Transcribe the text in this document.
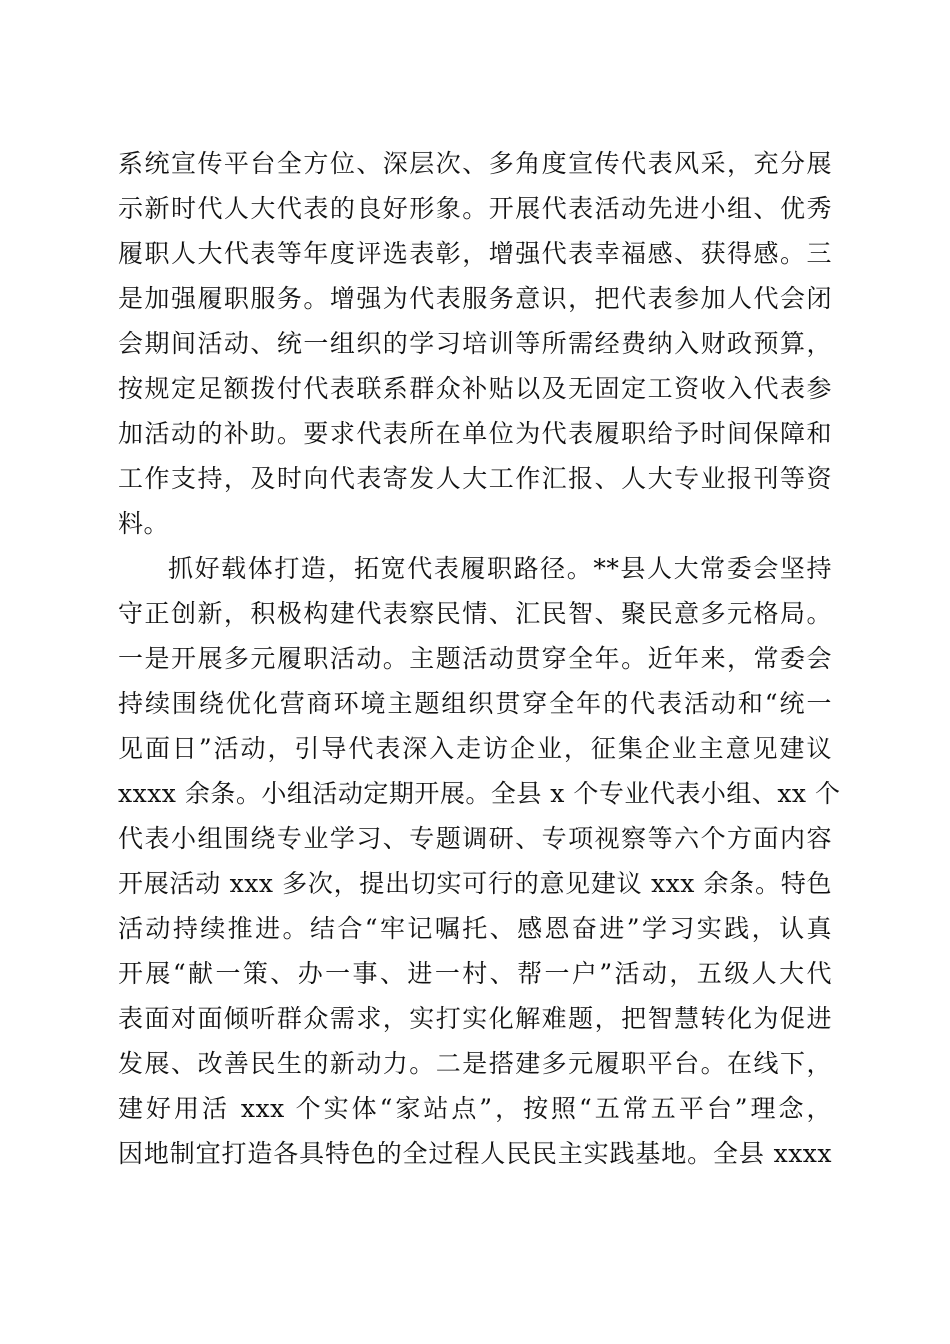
系统宣传平台全方位、深层次、多角度宣传代表风采，充分展
示新时代人大代表的良好形象。开展代表活动先进小组、优秀
履职人大代表等年度评选表彰，增强代表幸福感、获得感。三
是加强履职服务。增强为代表服务意识，把代表参加人代会闭
会期间活动、统一组织的学习培训等所需经费纳入财政预算，
按规定足额拨付代表联系群众补贴以及无固定工资收入代表参
加活动的补助。要求代表所在单位为代表履职给予时间保障和
工作支持，及时向代表寄发人大工作汇报、人大专业报刊等资
料。
抓好载体打造，拓宽代表履职路径。**县人大常委会坚持
守正创新，积极构建代表察民情、汇民智、聚民意多元格局。
一是开展多元履职活动。主题活动贯穿全年。近年来，常委会
持续围绕优化营商环境主题组织贯穿全年的代表活动和“统一
见面日”活动，引导代表深入走访企业，征集企业主意见建议
xxxx 余条。小组活动定期开展。全县 x 个专业代表小组、xx 个
代表小组围绕专业学习、专题调研、专项视察等六个方面内容
开展活动 xxx 多次，提出切实可行的意见建议 xxx 余条。特色
活动持续推进。结合“牢记嘱托、感恩奋进”学习实践，认真
开展“献一策、办一事、进一村、帮一户”活动，五级人大代
表面对面倾听群众需求，实打实化解难题，把智慧转化为促进
发展、改善民生的新动力。二是搭建多元履职平台。在线下，
建好用活 xxx 个实体“家站点”，按照“五常五平台”理念，
因地制宜打造各具特色的全过程人民民主实践基地。全县 xxxx
